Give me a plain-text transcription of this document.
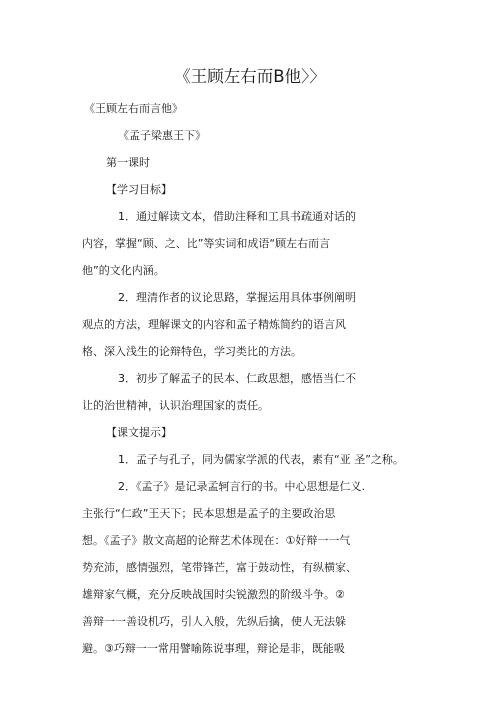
《王顾左右而B他〉〉
《王顾左右而言他》
《孟子梁惠王下》
第一课时
【学习目标】
1．通过解读文本，借助注释和工具书疏通对话的
内容，掌握“顾、之、比”等实词和成语“顾左右而言
他”的文化内涵。
2．理清作者的议论思路，掌握运用具体事例阐明
观点的方法，理解课文的内容和孟子精炼简约的语言风
格、深入浅生的论辩特色，学习类比的方法。
3．初步了解孟子的民本、仁政思想，感悟当仁不
让的治世精神，认识治理国家的责任。
【课文提示】
1．孟子与孔子，同为儒家学派的代表，素有“亚 圣”之称。
2．《孟子》是记录孟轲言行的书。中心思想是仁义.
主张行“仁政”王天下；民本思想是孟子的主要政治思
想。《孟子》散文高超的论辩艺术体现在：①好辩一一气
势充沛，感情强烈，笔带锋芒，富于鼓动性，有纵横家、
雄辩家气概，充分反映战国时尖锐激烈的阶级斗争。②
善辩一一善设机巧，引人入般，先纵后擒，使人无法躲
避。③巧辩一一常用譬喻陈说事理，辩论是非，既能吸
